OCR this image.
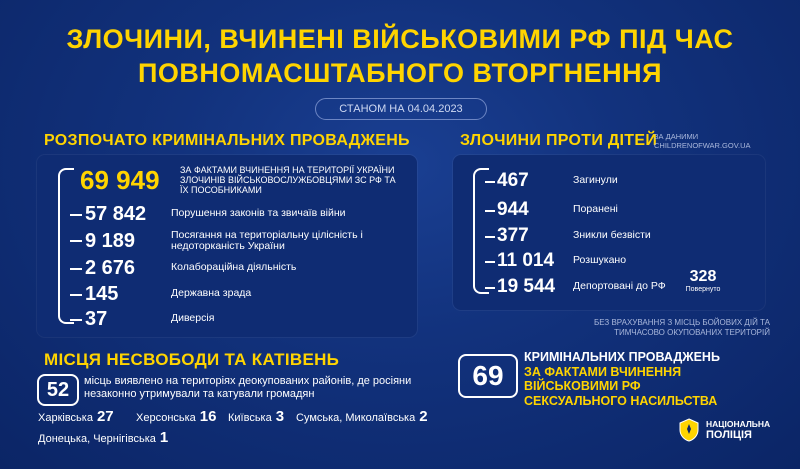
ЗЛОЧИНИ, ВЧИНЕНІ ВІЙСЬКОВИМИ РФ ПІД ЧАС
ПОВНОМАСШТАБНОГО ВТОРГНЕННЯ
СТАНОМ НА 04.04.2023
РОЗПОЧАТО КРИМІНАЛЬНИХ ПРОВАДЖЕНЬ
69 949	ЗА ФАКТАМИ ВЧИНЕННЯ НА ТЕРИТОРІЇ УКРАЇНИ ЗЛОЧИНІВ ВІЙСЬКОВОСЛУЖБОВЦЯМИ ЗС РФ ТА ЇХ ПОСОБНИКАМИ
57 842	Порушення законів та звичаїв війни
9 189	Посягання на територіальну цілісність і недоторканість України
2 676	Колабораційна діяльність
145	Державна зрада
37	Диверсія
ЗЛОЧИНИ ПРОТИ ДІТЕЙ
ЗА ДАНИМИ CHILDRENOFWAR.GOV.UA
467	Загинули
944	Поранені
377	Зникли безвісти
11 014	Розшукано
19 544	Депортовані до РФ
328
Повернуто
БЕЗ ВРАХУВАННЯ З МІСЦЬ БОЙОВИХ ДІЙ ТА ТИМЧАСОВО ОКУПОВАНИХ ТЕРИТОРІЙ
МІСЦЯ НЕСВОБОДИ ТА КАТІВЕНЬ
52	місць виявлено на територіях деокупованих районів, де росіяни незаконно утримували та катували громадян
Харківська 27 Херсонська 16 Київська 3 Сумська, Миколаївська 2
Донецька, Чернігівська 1
69
КРИМІНАЛЬНИХ ПРОВАДЖЕНЬ
ЗА ФАКТАМИ ВЧИНЕННЯ
ВІЙСЬКОВИМИ РФ
СЕКСУАЛЬНОГО НАСИЛЬСТВА
НАЦІОНАЛЬНА
ПОЛІЦІЯ
